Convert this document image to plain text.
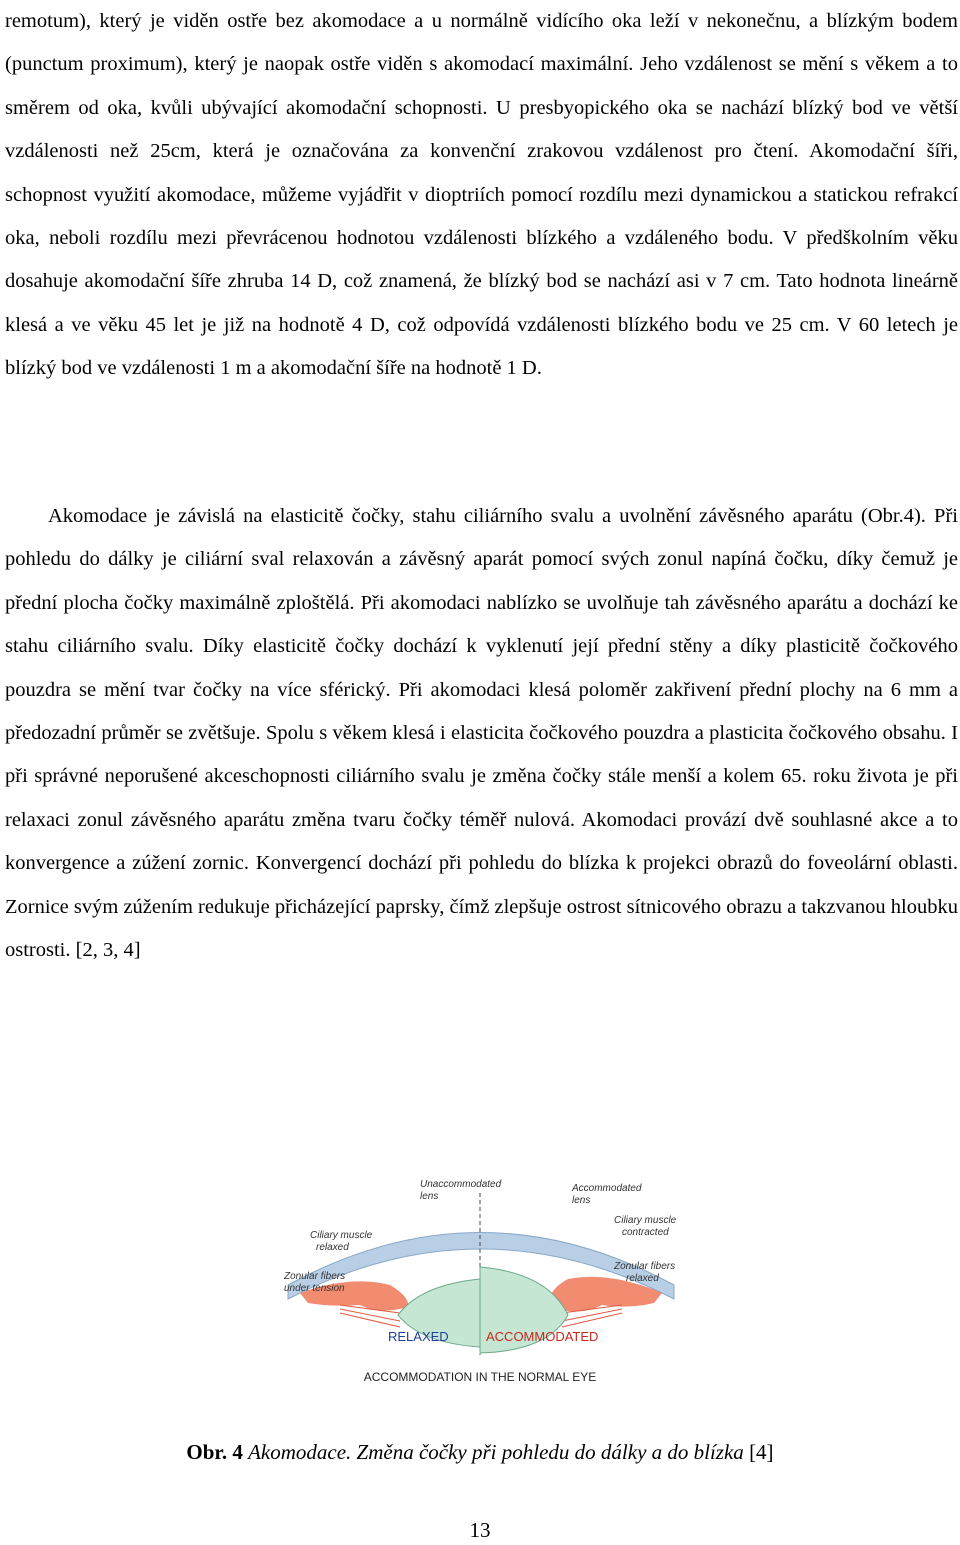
remotum), který je viděn ostře bez akomodace a u normálně vidícího oka leží v nekonečnu, a blízkým bodem (punctum proximum), který je naopak ostře viděn s akomodací maximální. Jeho vzdálenost se mění s věkem a to směrem od oka, kvůli ubývající akomodační schopnosti. U presbyopického oka se nachází blízký bod ve větší vzdálenosti než 25cm, která je označována za konvenční zrakovou vzdálenost pro čtení. Akomodační šíři, schopnost využití akomodace, můžeme vyjádřit v dioptriích pomocí rozdílu mezi dynamickou a statickou refrakcí oka, neboli rozdílu mezi převrácenou hodnotou vzdálenosti blízkého a vzdáleného bodu. V předškolním věku dosahuje akomodační šíře zhruba 14 D, což znamená, že blízký bod se nachází asi v 7 cm. Tato hodnota lineárně klesá a ve věku 45 let je již na hodnotě 4 D, což odpovídá vzdálenosti blízkého bodu ve 25 cm. V 60 letech je blízký bod ve vzdálenosti 1 m a akomodační šíře na hodnotě 1 D.
Akomodace je závislá na elasticitě čočky, stahu ciliárního svalu a uvolnění závěsného aparátu (Obr.4). Při pohledu do dálky je ciliární sval relaxován a závěsný aparát pomocí svých zonul napíná čočku, díky čemuž je přední plocha čočky maximálně zploštělá. Při akomodaci nablízko se uvolňuje tah závěsného aparátu a dochází ke stahu ciliárního svalu. Díky elasticitě čočky dochází k vyklenutí její přední stěny a díky plasticitě čočkového pouzdra se mění tvar čočky na více sférický. Při akomodaci klesá poloměr zakřivení přední plochy na 6 mm a předozadní průměr se zvětšuje. Spolu s věkem klesá i elasticita čočkového pouzdra a plasticita čočkového obsahu. I při správné neporušené akceschopnosti ciliárního svalu je změna čočky stále menší a kolem 65. roku života je při relaxaci zonul závěsného aparátu změna tvaru čočky téměř nulová. Akomodaci provází dvě souhlasné akce a to konvergence a zúžení zornic. Konvergencí dochází při pohledu do blízka k projekci obrazů do foveolární oblasti. Zornice svým zúžením redukuje přicházející paprsky, čímž zlepšuje ostrost sítnicového obrazu a takzvanou hloubku ostrosti. [2, 3, 4]
Unaccommodated
lens
Accommodated
lens
Ciliary muscle
relaxed
Ciliary muscle
contracted
Zonular fibers
under tension
Zonular fibers
relaxed
RELAXED	ACCOMMODATED
ACCOMMODATION IN THE NORMAL EYE
Obr. 4 Akomodace. Změna čočky při pohledu do dálky a do blízka [4]
13
